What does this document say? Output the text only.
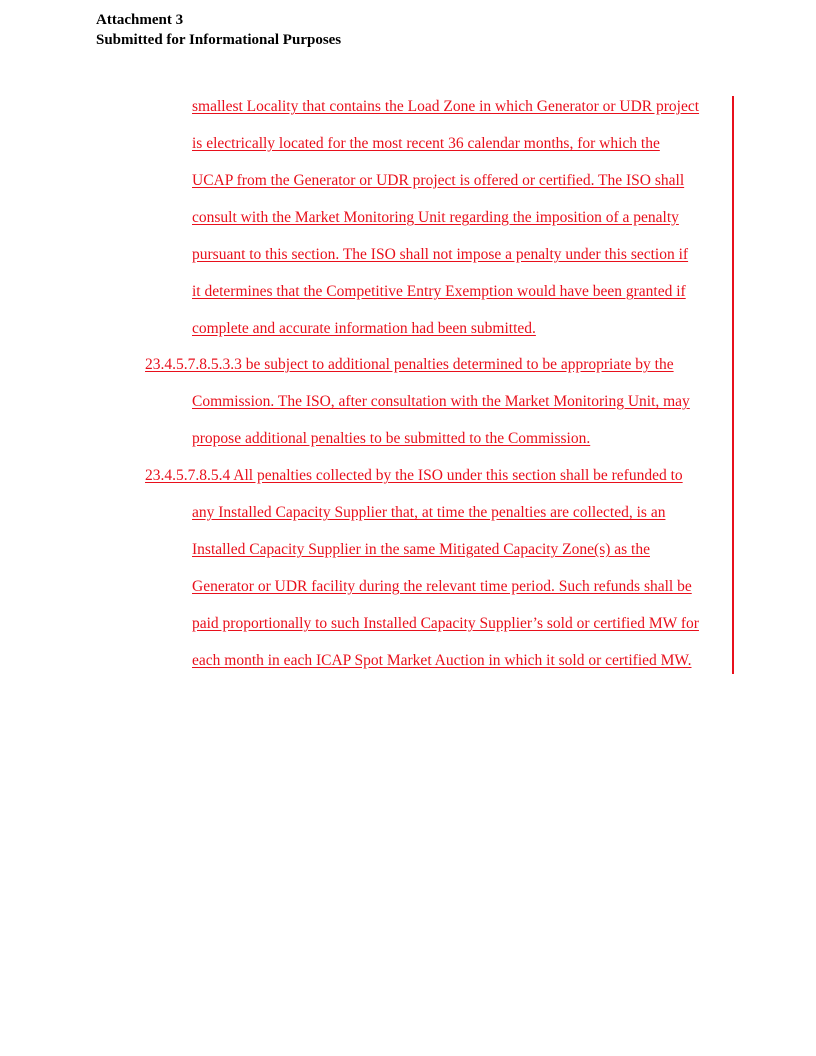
Attachment 3
Submitted for Informational Purposes
smallest Locality that contains the Load Zone in which Generator or UDR project
is electrically located for the most recent 36 calendar months, for which the
UCAP from the Generator or UDR project is offered or certified. The ISO shall
consult with the Market Monitoring Unit regarding the imposition of a penalty
pursuant to this section. The ISO shall not impose a penalty under this section if
it determines that the Competitive Entry Exemption would have been granted if
complete and accurate information had been submitted.
23.4.5.7.8.5.3.3 be subject to additional penalties determined to be appropriate by the
Commission. The ISO, after consultation with the Market Monitoring Unit, may
propose additional penalties to be submitted to the Commission.
23.4.5.7.8.5.4 All penalties collected by the ISO under this section shall be refunded to
any Installed Capacity Supplier that, at time the penalties are collected, is an
Installed Capacity Supplier in the same Mitigated Capacity Zone(s) as the
Generator or UDR facility during the relevant time period. Such refunds shall be
paid proportionally to such Installed Capacity Supplier’s sold or certified MW for
each month in each ICAP Spot Market Auction in which it sold or certified MW.
